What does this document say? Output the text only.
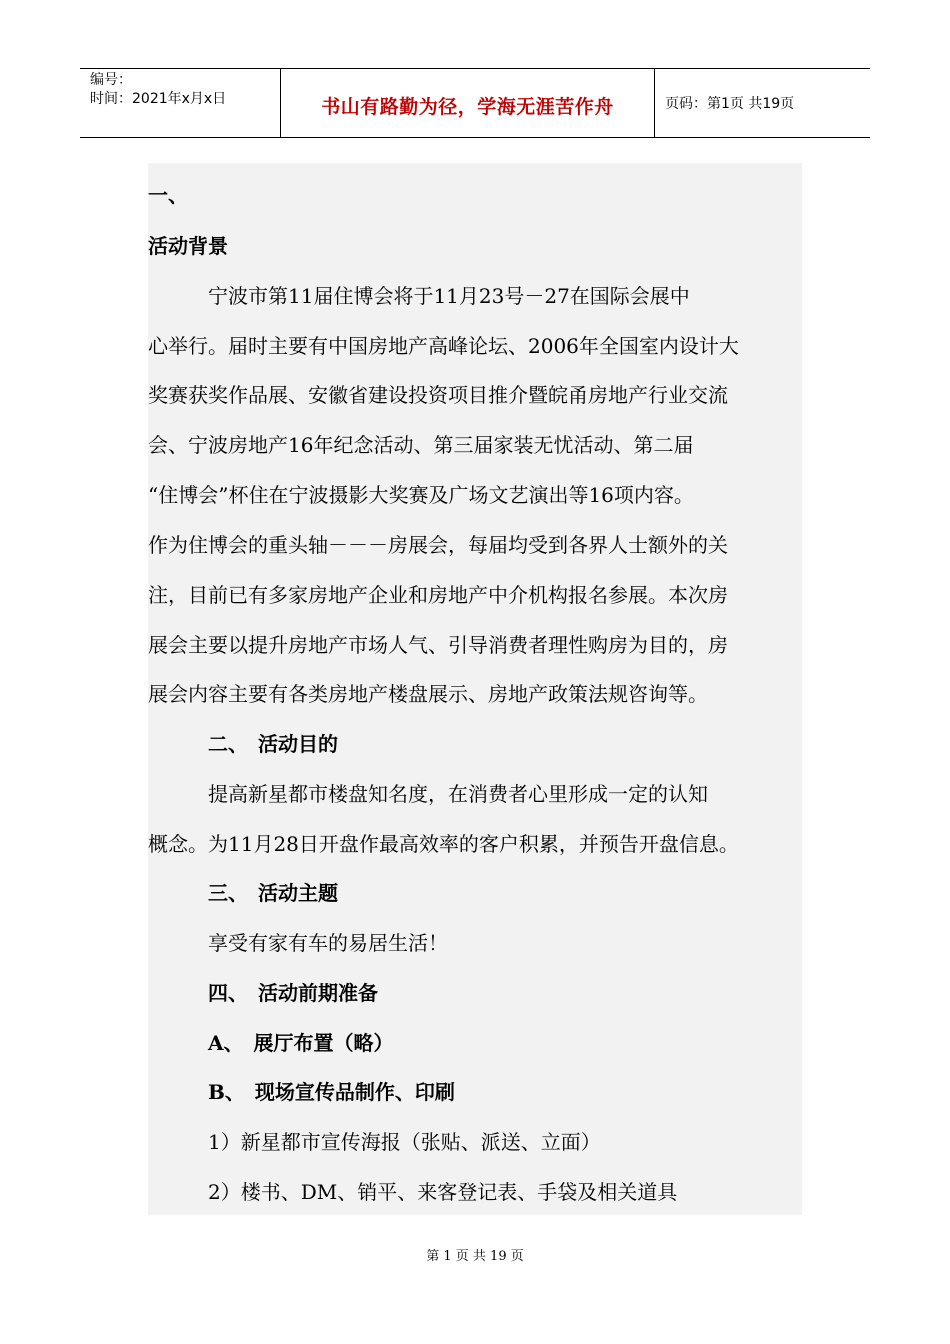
编号：
时间：2021年x月x日	书山有路勤为径，学海无涯苦作舟	页码：第1页 共19页
一、
活动背景
　　　宁波市第11届住博会将于11月23号－27在国际会展中
心举行。届时主要有中国房地产高峰论坛、2006年全国室内设计大
奖赛获奖作品展、安徽省建设投资项目推介暨皖甬房地产行业交流
会、宁波房地产16年纪念活动、第三届家装无忧活动、第二届
“住博会”杯住在宁波摄影大奖赛及广场文艺演出等16项内容。
作为住博会的重头轴－－－房展会，每届均受到各界人士额外的关
注，目前已有多家房地产企业和房地产中介机构报名参展。本次房
展会主要以提升房地产市场人气、引导消费者理性购房为目的，房
展会内容主要有各类房地产楼盘展示、房地产政策法规咨询等。
　　　二、　活动目的
　　　提高新星都市楼盘知名度，在消费者心里形成一定的认知
概念。为11月28日开盘作最高效率的客户积累，并预告开盘信息。
　　　三、　活动主题
　　　享受有家有车的易居生活！
　　　四、　活动前期准备
　　　A、　展厅布置（略）
　　　B、　现场宣传品制作、印刷
　　　1）新星都市宣传海报（张贴、派送、立面）
　　　2）楼书、DM、销平、来客登记表、手袋及相关道具
第 1 页 共 19 页
